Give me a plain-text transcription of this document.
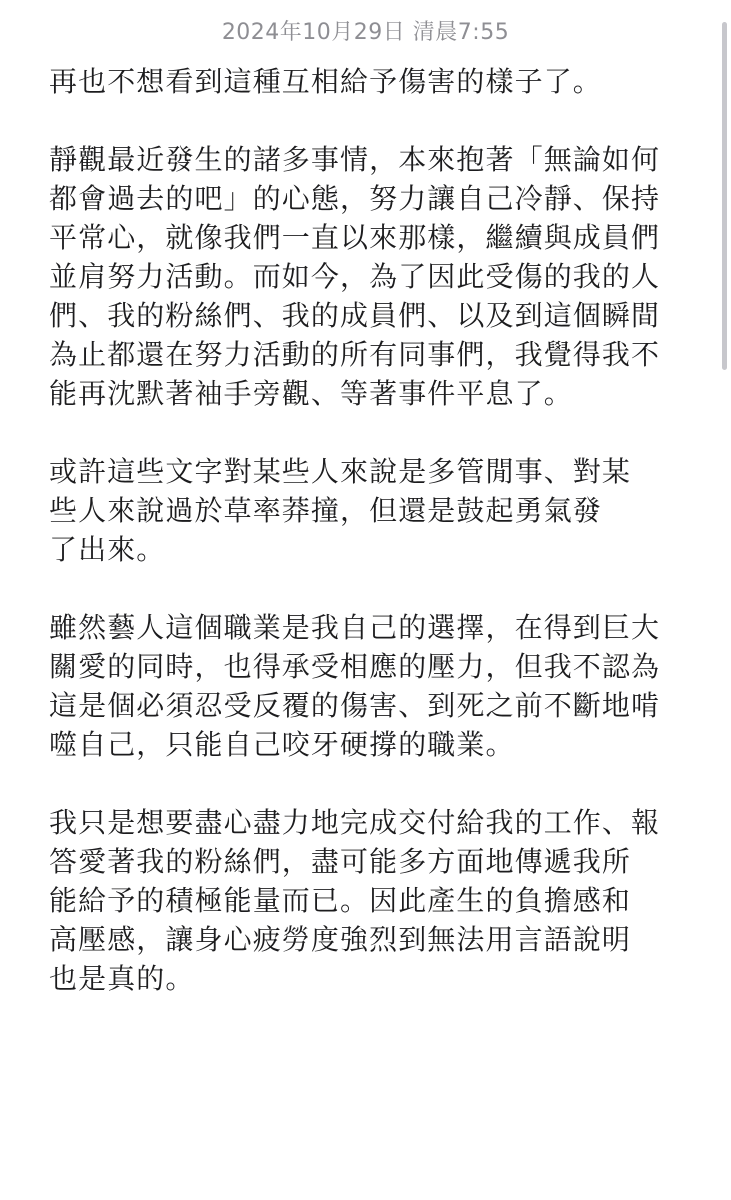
2024年10月29日 清晨7:55
再也不想看到這種互相給予傷害的樣子了。
靜觀最近發生的諸多事情，本來抱著「無論如何
都會過去的吧」的心態，努力讓自己冷靜、保持
平常心，就像我們一直以來那樣，繼續與成員們
並肩努力活動。而如今，為了因此受傷的我的人
們、我的粉絲們、我的成員們、以及到這個瞬間
為止都還在努力活動的所有同事們，我覺得我不
能再沈默著袖手旁觀、等著事件平息了。
或許這些文字對某些人來說是多管閒事、對某
些人來說過於草率莽撞，但還是鼓起勇氣發
了出來。
雖然藝人這個職業是我自己的選擇，在得到巨大
關愛的同時，也得承受相應的壓力，但我不認為
這是個必須忍受反覆的傷害、到死之前不斷地啃
噬自己，只能自己咬牙硬撐的職業。
我只是想要盡心盡力地完成交付給我的工作、報
答愛著我的粉絲們，盡可能多方面地傳遞我所
能給予的積極能量而已。因此產生的負擔感和
高壓感，讓身心疲勞度強烈到無法用言語說明
也是真的。
